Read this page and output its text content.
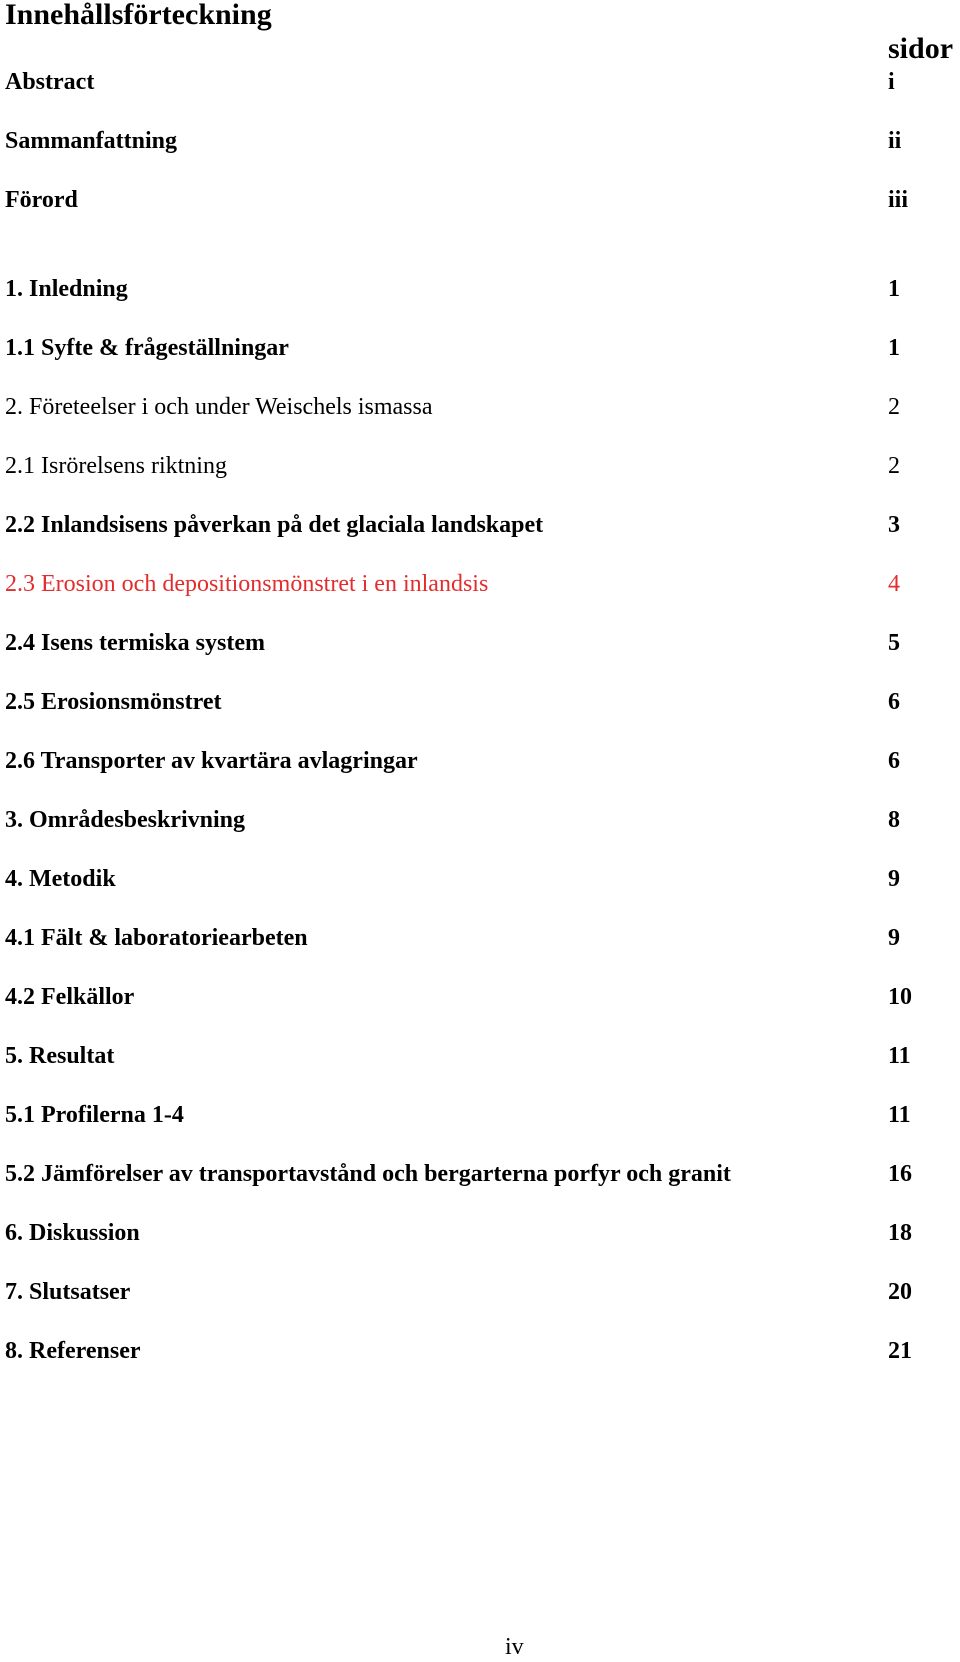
Innehållsförteckning
sidor
Abstract	i
Sammanfattning	ii
Förord	iii
1. Inledning	1
1.1 Syfte & frågeställningar	1
2. Företeelser i och under Weischels ismassa	2
2.1 Isrörelsens riktning	2
2.2 Inlandsisens påverkan på det glaciala landskapet	3
2.3 Erosion och depositionsmönstret i en inlandsis	4
2.4 Isens termiska system	5
2.5 Erosionsmönstret	6
2.6 Transporter av kvartära avlagringar	6
3. Områdesbeskrivning	8
4. Metodik	9
4.1 Fält & laboratoriearbeten	9
4.2 Felkällor	10
5. Resultat	11
5.1 Profilerna 1-4	11
5.2 Jämförelser av transportavstånd och bergarterna porfyr och granit	16
6. Diskussion	18
7. Slutsatser	20
8. Referenser	21
iv
